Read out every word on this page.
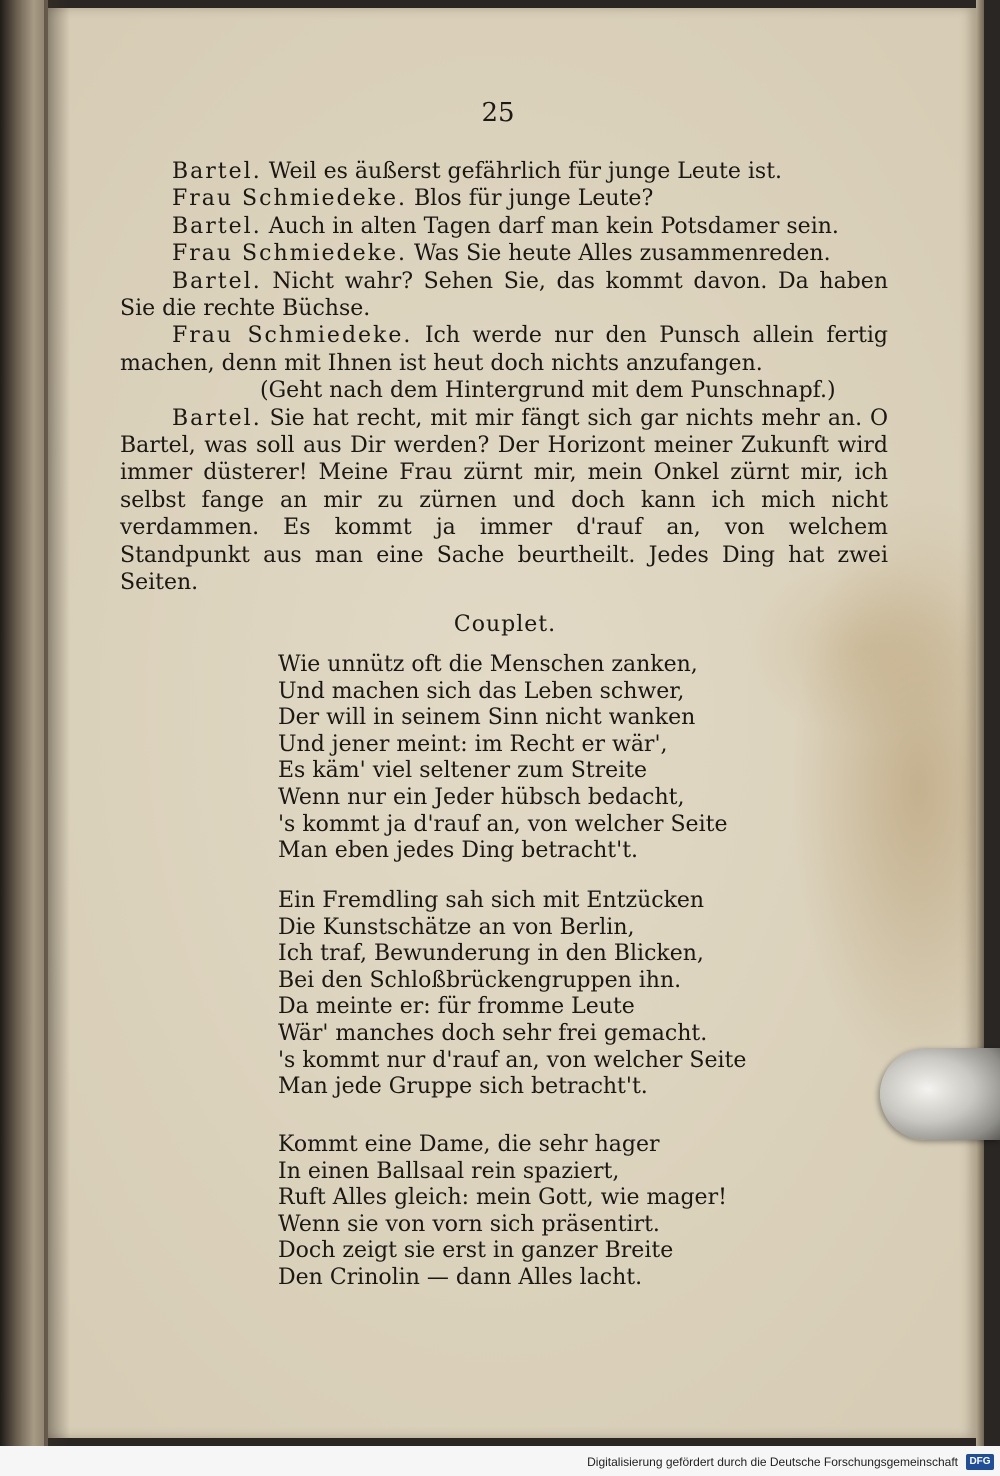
25

Bartel. Weil es äußerst gefährlich für junge Leute ist.

Frau Schmiedeke. Blos für junge Leute?

Bartel. Auch in alten Tagen darf man kein Potsdamer sein.

Frau Schmiedeke. Was Sie heute Alles zusammenreden.

Bartel. Nicht wahr? Sehen Sie, das kommt davon. Da haben Sie die rechte Büchse.

Frau Schmiedeke. Ich werde nur den Punsch allein fertig machen, denn mit Ihnen ist heut doch nichts anzufangen.

(Geht nach dem Hintergrund mit dem Punschnapf.)

Bartel. Sie hat recht, mit mir fängt sich gar nichts mehr an. O Bartel, was soll aus Dir werden? Der Horizont meiner Zukunft wird immer düsterer! Meine Frau zürnt mir, mein Onkel zürnt mir, ich selbst fange an mir zu zürnen und doch kann ich mich nicht verdammen. Es kommt ja immer d'rauf an, von welchem Standpunkt aus man eine Sache beurtheilt. Jedes Ding hat zwei Seiten.

Couplet.
Wie unnütz oft die Menschen zanken,
Und machen sich das Leben schwer,
Der will in seinem Sinn nicht wanken
Und jener meint: im Recht er wär',
Es käm' viel seltener zum Streite
Wenn nur ein Jeder hübsch bedacht,
's kommt ja d'rauf an, von welcher Seite
Man eben jedes Ding betracht't.
Ein Fremdling sah sich mit Entzücken
Die Kunstschätze an von Berlin,
Ich traf, Bewunderung in den Blicken,
Bei den Schloßbrückengruppen ihn.
Da meinte er: für fromme Leute
Wär' manches doch sehr frei gemacht.
's kommt nur d'rauf an, von welcher Seite
Man jede Gruppe sich betracht't.
Kommt eine Dame, die sehr hager
In einen Ballsaal rein spaziert,
Ruft Alles gleich: mein Gott, wie mager!
Wenn sie von vorn sich präsentirt.
Doch zeigt sie erst in ganzer Breite
Den Crinolin — dann Alles lacht.
Digitalisierung gefördert durch die Deutsche Forschungsgemeinschaft	DFG
